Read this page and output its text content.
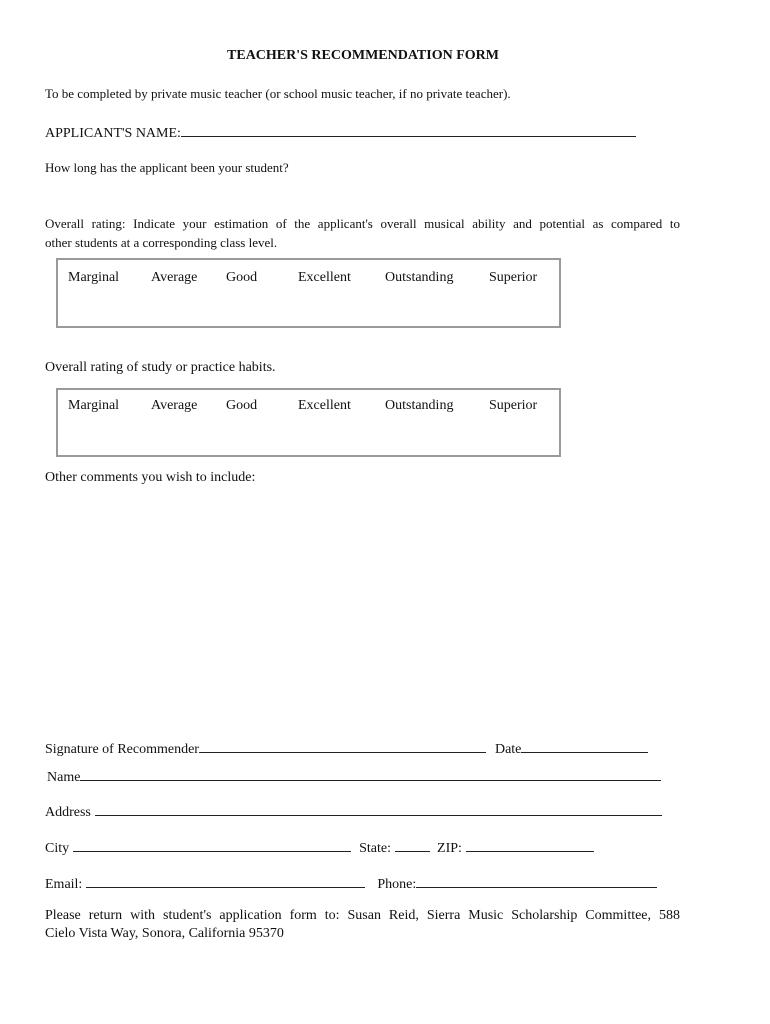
TEACHER'S RECOMMENDATION FORM
To be completed by private music teacher (or school music teacher, if no private teacher).
APPLICANT'S NAME:
How long has the applicant been your student?
Overall rating: Indicate your estimation of the applicant's overall musical ability and potential as compared to
other students at a corresponding class level.
Marginal Average Good	Excellent Outstanding	Superior
Overall rating of study or practice habits.
Marginal Average Good	Excellent Outstanding	Superior
Other comments you wish to include:
Signature of Recommender	Date
Name
Address
City	State:	ZIP:
Email:	Phone:
Please return with student's application form to: Susan Reid, Sierra Music Scholarship Committee, 588
Cielo Vista Way, Sonora, California 95370
